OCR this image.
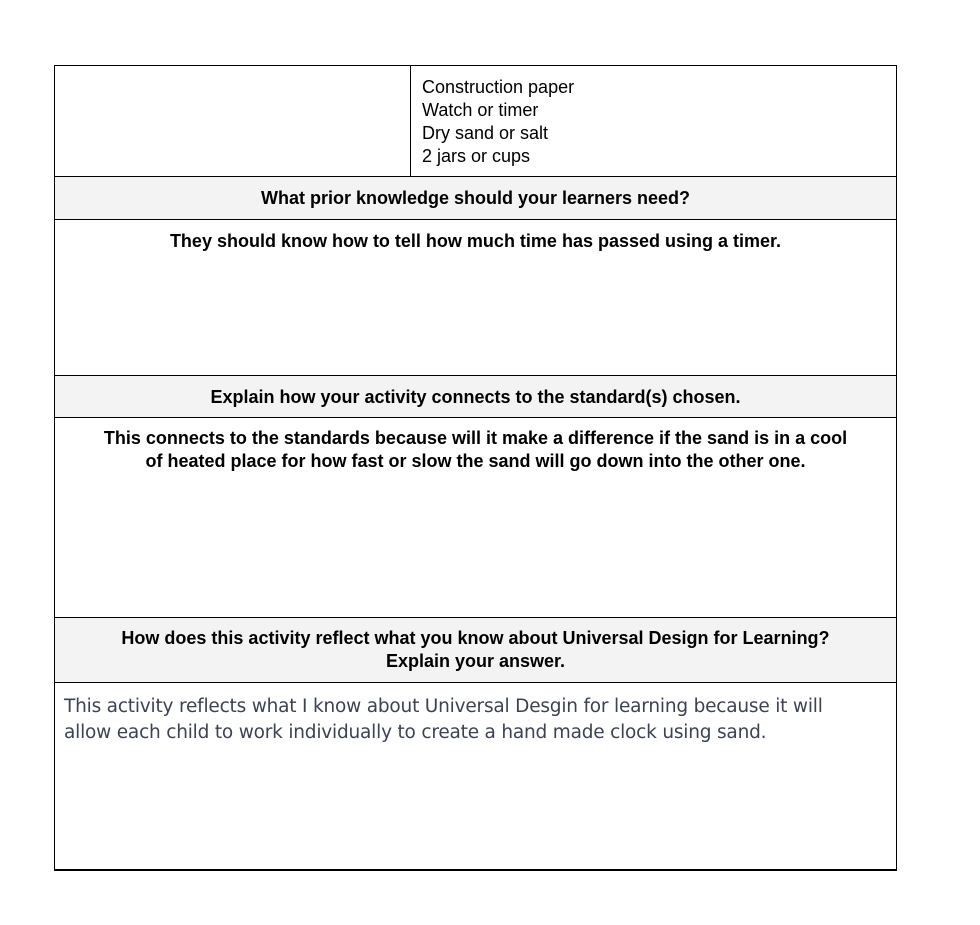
Construction paper
Watch or timer
Dry sand or salt
2 jars or cups
What prior knowledge should your learners need?
They should know how to tell how much time has passed using a timer.
Explain how your activity connects to the standard(s) chosen.
This connects to the standards because will it make a difference if the sand is in a cool
of heated place for how fast or slow the sand will go down into the other one.
How does this activity reflect what you know about Universal Design for Learning?
Explain your answer.
This activity reflects what I know about Universal Desgin for learning because it will
allow each child to work individually to create a hand made clock using sand.
